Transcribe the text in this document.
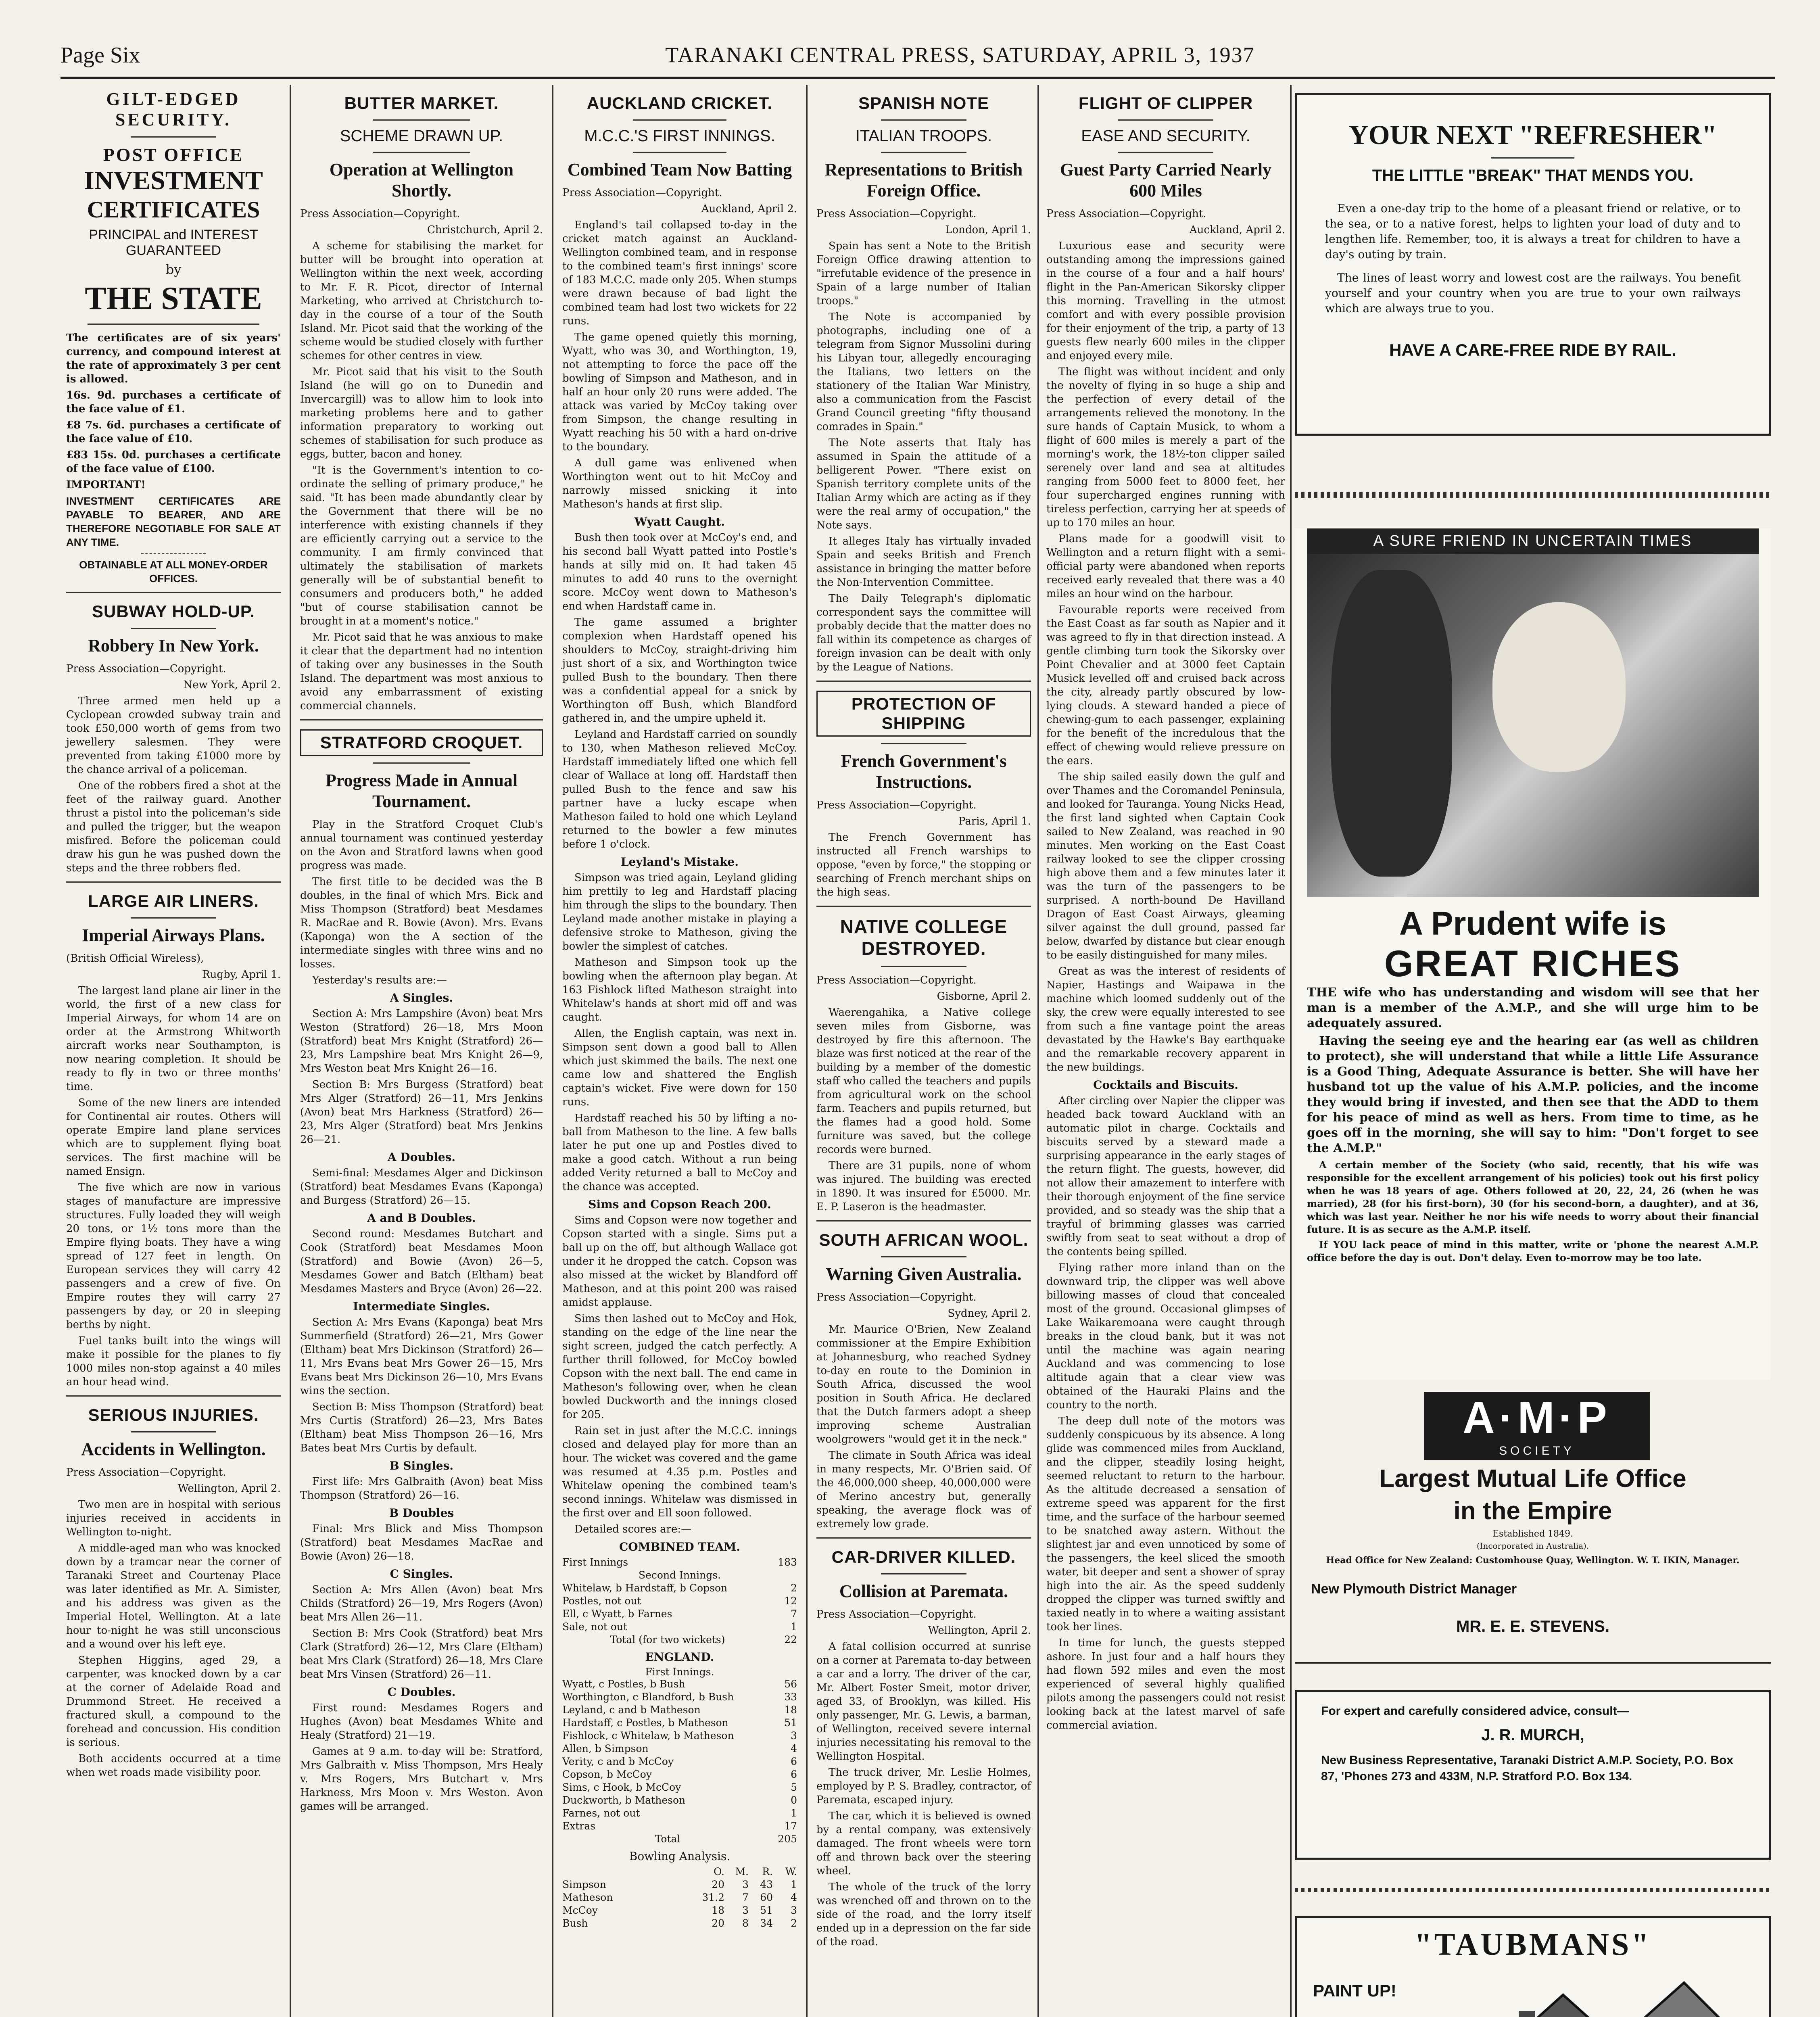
Page Six	TARANAKI CENTRAL PRESS, SATURDAY, APRIL 3, 1937
GILT-EDGED
SECURITY.
POST OFFICE
INVESTMENT
CERTIFICATES
PRINCIPAL and INTEREST GUARANTEED
by
THE STATE
The certificates are of six years' currency, and compound interest at the rate of approximately 3 per cent is allowed.
16s. 9d. purchases a certificate of the face value of £1.
£8 7s. 6d. purchases a certificate of the face value of £10.
£83 15s. 0d. purchases a certificate of the face value of £100.
IMPORTANT!
INVESTMENT CERTIFICATES ARE PAYABLE TO BEARER, AND ARE THEREFORE NEGOTIABLE FOR SALE AT ANY TIME.
OBTAINABLE AT ALL MONEY-ORDER OFFICES.
SUBWAY HOLD-UP.
Robbery In New York.
Press Association—Copyright.
New York, April 2.
Three armed men held up a Cyclopean crowded subway train and took £50,000 worth of gems from two jewellery salesmen. They were prevented from taking £1000 more by the chance arrival of a policeman.
One of the robbers fired a shot at the feet of the railway guard. Another thrust a pistol into the policeman's side and pulled the trigger, but the weapon misfired. Before the policeman could draw his gun he was pushed down the steps and the three robbers fled.
LARGE AIR LINERS.
Imperial Airways Plans.
(British Official Wireless),
Rugby, April 1.
The largest land plane air liner in the world, the first of a new class for Imperial Airways, for whom 14 are on order at the Armstrong Whitworth aircraft works near Southampton, is now nearing completion. It should be ready to fly in two or three months' time.
Some of the new liners are intended for Continental air routes. Others will operate Empire land plane services which are to supplement flying boat services. The first machine will be named Ensign.
The five which are now in various stages of manufacture are impressive structures. Fully loaded they will weigh 20 tons, or 1½ tons more than the Empire flying boats. They have a wing spread of 127 feet in length. On European services they will carry 42 passengers and a crew of five. On Empire routes they will carry 27 passengers by day, or 20 in sleeping berths by night.
Fuel tanks built into the wings will make it possible for the planes to fly 1000 miles non-stop against a 40 miles an hour head wind.
SERIOUS INJURIES.
Accidents in Wellington.
Press Association—Copyright.
Wellington, April 2.
Two men are in hospital with serious injuries received in accidents in Wellington to-night.
A middle-aged man who was knocked down by a tramcar near the corner of Taranaki Street and Courtenay Place was later identified as Mr. A. Simister, and his address was given as the Imperial Hotel, Wellington. At a late hour to-night he was still unconscious and a wound over his left eye.
Stephen Higgins, aged 29, a carpenter, was knocked down by a car at the corner of Adelaide Road and Drummond Street. He received a fractured skull, a compound to the forehead and concussion. His condition is serious.
Both accidents occurred at a time when wet roads made visibility poor.
BUTTER MARKET.
SCHEME DRAWN UP.
Operation at Wellington Shortly.
Press Association—Copyright.
Christchurch, April 2.
A scheme for stabilising the market for butter will be brought into operation at Wellington within the next week, according to Mr. F. R. Picot, director of Internal Marketing, who arrived at Christchurch to-day in the course of a tour of the South Island. Mr. Picot said that the working of the scheme would be studied closely with further schemes for other centres in view.
Mr. Picot said that his visit to the South Island (he will go on to Dunedin and Invercargill) was to allow him to look into marketing problems here and to gather information preparatory to working out schemes of stabilisation for such produce as eggs, butter, bacon and honey.
"It is the Government's intention to co-ordinate the selling of primary produce," he said. "It has been made abundantly clear by the Government that there will be no interference with existing channels if they are efficiently carrying out a service to the community. I am firmly convinced that ultimately the stabilisation of markets generally will be of substantial benefit to consumers and producers both," he added "but of course stabilisation cannot be brought in at a moment's notice."
Mr. Picot said that he was anxious to make it clear that the department had no intention of taking over any businesses in the South Island. The department was most anxious to avoid any embarrassment of existing commercial channels.
STRATFORD CROQUET.
Progress Made in Annual Tournament.
Play in the Stratford Croquet Club's annual tournament was continued yesterday on the Avon and Stratford lawns when good progress was made.
The first title to be decided was the B doubles, in the final of which Mrs. Bick and Miss Thompson (Stratford) beat Mesdames R. MacRae and R. Bowie (Avon). Mrs. Evans (Kaponga) won the A section of the intermediate singles with three wins and no losses.
Yesterday's results are:—
A Singles.
Section A: Mrs Lampshire (Avon) beat Mrs Weston (Stratford) 26—18, Mrs Moon (Stratford) beat Mrs Knight (Stratford) 26—23, Mrs Lampshire beat Mrs Knight 26—9, Mrs Weston beat Mrs Knight 26—16.
Section B: Mrs Burgess (Stratford) beat Mrs Alger (Stratford) 26—11, Mrs Jenkins (Avon) beat Mrs Harkness (Stratford) 26—23, Mrs Alger (Stratford) beat Mrs Jenkins 26—21.
A Doubles.
Semi-final: Mesdames Alger and Dickinson (Stratford) beat Mesdames Evans (Kaponga) and Burgess (Stratford) 26—15.
A and B Doubles.
Second round: Mesdames Butchart and Cook (Stratford) beat Mesdames Moon (Stratford) and Bowie (Avon) 26—5, Mesdames Gower and Batch (Eltham) beat Mesdames Masters and Bryce (Avon) 26—22.
Intermediate Singles.
Section A: Mrs Evans (Kaponga) beat Mrs Summerfield (Stratford) 26—21, Mrs Gower (Eltham) beat Mrs Dickinson (Stratford) 26—11, Mrs Evans beat Mrs Gower 26—15, Mrs Evans beat Mrs Dickinson 26—10, Mrs Evans wins the section.
Section B: Miss Thompson (Stratford) beat Mrs Curtis (Stratford) 26—23, Mrs Bates (Eltham) beat Miss Thompson 26—16, Mrs Bates beat Mrs Curtis by default.
B Singles.
First life: Mrs Galbraith (Avon) beat Miss Thompson (Stratford) 26—16.
B Doubles
Final: Mrs Blick and Miss Thompson (Stratford) beat Mesdames MacRae and Bowie (Avon) 26—18.
C Singles.
Section A: Mrs Allen (Avon) beat Mrs Childs (Stratford) 26—19, Mrs Rogers (Avon) beat Mrs Allen 26—11.
Section B: Mrs Cook (Stratford) beat Mrs Clark (Stratford) 26—12, Mrs Clare (Eltham) beat Mrs Clark (Stratford) 26—18, Mrs Clare beat Mrs Vinsen (Stratford) 26—11.
C Doubles.
First round: Mesdames Rogers and Hughes (Avon) beat Mesdames White and Healy (Stratford) 21—19.
Games at 9 a.m. to-day will be: Stratford, Mrs Galbraith v. Miss Thompson, Mrs Healy v. Mrs Rogers, Mrs Butchart v. Mrs Harkness, Mrs Moon v. Mrs Weston. Avon games will be arranged.
AUCKLAND CRICKET.
M.C.C.'S FIRST INNINGS.
Combined Team Now Batting
Press Association—Copyright.
Auckland, April 2.
England's tail collapsed to-day in the cricket match against an Auckland-Wellington combined team, and in response to the combined team's first innings' score of 183 M.C.C. made only 205. When stumps were drawn because of bad light the combined team had lost two wickets for 22 runs.
The game opened quietly this morning, Wyatt, who was 30, and Worthington, 19, not attempting to force the pace off the bowling of Simpson and Matheson, and in half an hour only 20 runs were added. The attack was varied by McCoy taking over from Simpson, the change resulting in Wyatt reaching his 50 with a hard on-drive to the boundary.
A dull game was enlivened when Worthington went out to hit McCoy and narrowly missed snicking it into Matheson's hands at first slip.
Wyatt Caught.
Bush then took over at McCoy's end, and his second ball Wyatt patted into Postle's hands at silly mid on. It had taken 45 minutes to add 40 runs to the overnight score. McCoy went down to Matheson's end when Hardstaff came in.
The game assumed a brighter complexion when Hardstaff opened his shoulders to McCoy, straight-driving him just short of a six, and Worthington twice pulled Bush to the boundary. Then there was a confidential appeal for a snick by Worthington off Bush, which Blandford gathered in, and the umpire upheld it.
Leyland and Hardstaff carried on soundly to 130, when Matheson relieved McCoy. Hardstaff immediately lifted one which fell clear of Wallace at long off. Hardstaff then pulled Bush to the fence and saw his partner have a lucky escape when Matheson failed to hold one which Leyland returned to the bowler a few minutes before 1 o'clock.
Leyland's Mistake.
Simpson was tried again, Leyland gliding him prettily to leg and Hardstaff placing him through the slips to the boundary. Then Leyland made another mistake in playing a defensive stroke to Matheson, giving the bowler the simplest of catches.
Matheson and Simpson took up the bowling when the afternoon play began. At 163 Fishlock lifted Matheson straight into Whitelaw's hands at short mid off and was caught.
Allen, the English captain, was next in. Simpson sent down a good ball to Allen which just skimmed the bails. The next one came low and shattered the English captain's wicket. Five were down for 150 runs.
Hardstaff reached his 50 by lifting a no-ball from Matheson to the line. A few balls later he put one up and Postles dived to make a good catch. Without a run being added Verity returned a ball to McCoy and the chance was accepted.
Sims and Copson Reach 200.
Sims and Copson were now together and Copson started with a single. Sims put a ball up on the off, but although Wallace got under it he dropped the catch. Copson was also missed at the wicket by Blandford off Matheson, and at this point 200 was raised amidst applause.
Sims then lashed out to McCoy and Hok, standing on the edge of the line near the sight screen, judged the catch perfectly. A further thrill followed, for McCoy bowled Copson with the next ball. The end came in Matheson's following over, when he clean bowled Duckworth and the innings closed for 205.
Rain set in just after the M.C.C. innings closed and delayed play for more than an hour. The wicket was covered and the game was resumed at 4.35 p.m. Postles and Whitelaw opening the combined team's second innings. Whitelaw was dismissed in the first over and Ell soon followed.
Detailed scores are:—
COMBINED TEAM.
First Innings	183
Second Innings.	
Whitelaw, b Hardstaff, b Copson	2
Postles, not out	12
Ell, c Wyatt, b Farnes	7
Sale, not out	1
Total (for two wickets)	22
ENGLAND.
First Innings.
Wyatt, c Postles, b Bush	56
Worthington, c Blandford, b Bush	33
Leyland, c and b Matheson	18
Hardstaff, c Postles, b Matheson	51
Fishlock, c Whitelaw, b Matheson	3
Allen, b Simpson	4
Verity, c and b McCoy	6
Copson, b McCoy	6
Sims, c Hook, b McCoy	5
Duckworth, b Matheson	0
Farnes, not out	1
Extras	17
Total	205
Bowling Analysis.
	O.	M.	R.	W.
Simpson	20	3	43	1
Matheson	31.2	7	60	4
McCoy	18	3	51	3
Bush	20	8	34	2
SPANISH NOTE
ITALIAN TROOPS.
Representations to British Foreign Office.
Press Association—Copyright.
London, April 1.
Spain has sent a Note to the British Foreign Office drawing attention to "irrefutable evidence of the presence in Spain of a large number of Italian troops."
The Note is accompanied by photographs, including one of a telegram from Signor Mussolini during his Libyan tour, allegedly encouraging the Italians, two letters on the stationery of the Italian War Ministry, also a communication from the Fascist Grand Council greeting "fifty thousand comrades in Spain."
The Note asserts that Italy has assumed in Spain the attitude of a belligerent Power. "There exist on Spanish territory complete units of the Italian Army which are acting as if they were the real army of occupation," the Note says.
It alleges Italy has virtually invaded Spain and seeks British and French assistance in bringing the matter before the Non-Intervention Committee.
The Daily Telegraph's diplomatic correspondent says the committee will probably decide that the matter does no fall within its competence as charges of foreign invasion can be dealt with only by the League of Nations.
PROTECTION OF SHIPPING
French Government's Instructions.
Press Association—Copyright.
Paris, April 1.
The French Government has instructed all French warships to oppose, "even by force," the stopping or searching of French merchant ships on the high seas.
NATIVE COLLEGE DESTROYED.
Press Association—Copyright.
Gisborne, April 2.
Waerengahika, a Native college seven miles from Gisborne, was destroyed by fire this afternoon. The blaze was first noticed at the rear of the building by a member of the domestic staff who called the teachers and pupils from agricultural work on the school farm. Teachers and pupils returned, but the flames had a good hold. Some furniture was saved, but the college records were burned.
There are 31 pupils, none of whom was injured. The building was erected in 1890. It was insured for £5000. Mr. E. P. Laseron is the headmaster.
SOUTH AFRICAN WOOL.
Warning Given Australia.
Press Association—Copyright.
Sydney, April 2.
Mr. Maurice O'Brien, New Zealand commissioner at the Empire Exhibition at Johannesburg, who reached Sydney to-day en route to the Dominion in South Africa, discussed the wool position in South Africa. He declared that the Dutch farmers adopt a sheep improving scheme Australian woolgrowers "would get it in the neck."
The climate in South Africa was ideal in many respects, Mr. O'Brien said. Of the 46,000,000 sheep, 40,000,000 were of Merino ancestry but, generally speaking, the average flock was of extremely low grade.
CAR-DRIVER KILLED.
Collision at Paremata.
Press Association—Copyright.
Wellington, April 2.
A fatal collision occurred at sunrise on a corner at Paremata to-day between a car and a lorry. The driver of the car, Mr. Albert Foster Smeit, motor driver, aged 33, of Brooklyn, was killed. His only passenger, Mr. G. Lewis, a barman, of Wellington, received severe internal injuries necessitating his removal to the Wellington Hospital.
The truck driver, Mr. Leslie Holmes, employed by P. S. Bradley, contractor, of Paremata, escaped injury.
The car, which it is believed is owned by a rental company, was extensively damaged. The front wheels were torn off and thrown back over the steering wheel.
The whole of the truck of the lorry was wrenched off and thrown on to the side of the road, and the lorry itself ended up in a depression on the far side of the road.
FLIGHT OF CLIPPER
EASE AND SECURITY.
Guest Party Carried Nearly 600 Miles
Press Association—Copyright.
Auckland, April 2.
Luxurious ease and security were outstanding among the impressions gained in the course of a four and a half hours' flight in the Pan-American Sikorsky clipper this morning. Travelling in the utmost comfort and with every possible provision for their enjoyment of the trip, a party of 13 guests flew nearly 600 miles in the clipper and enjoyed every mile.
The flight was without incident and only the novelty of flying in so huge a ship and the perfection of every detail of the arrangements relieved the monotony. In the sure hands of Captain Musick, to whom a flight of 600 miles is merely a part of the morning's work, the 18½-ton clipper sailed serenely over land and sea at altitudes ranging from 5000 feet to 8000 feet, her four supercharged engines running with tireless perfection, carrying her at speeds of up to 170 miles an hour.
Plans made for a goodwill visit to Wellington and a return flight with a semi-official party were abandoned when reports received early revealed that there was a 40 miles an hour wind on the harbour.
Favourable reports were received from the East Coast as far south as Napier and it was agreed to fly in that direction instead. A gentle climbing turn took the Sikorsky over Point Chevalier and at 3000 feet Captain Musick levelled off and cruised back across the city, already partly obscured by low-lying clouds. A steward handed a piece of chewing-gum to each passenger, explaining for the benefit of the incredulous that the effect of chewing would relieve pressure on the ears.
The ship sailed easily down the gulf and over Thames and the Coromandel Peninsula, and looked for Tauranga. Young Nicks Head, the first land sighted when Captain Cook sailed to New Zealand, was reached in 90 minutes. Men working on the East Coast railway looked to see the clipper crossing high above them and a few minutes later it was the turn of the passengers to be surprised. A north-bound De Havilland Dragon of East Coast Airways, gleaming silver against the dull ground, passed far below, dwarfed by distance but clear enough to be easily distinguished for many miles.
Great as was the interest of residents of Napier, Hastings and Waipawa in the machine which loomed suddenly out of the sky, the crew were equally interested to see from such a fine vantage point the areas devastated by the Hawke's Bay earthquake and the remarkable recovery apparent in the new buildings.
Cocktails and Biscuits.
After circling over Napier the clipper was headed back toward Auckland with an automatic pilot in charge. Cocktails and biscuits served by a steward made a surprising appearance in the early stages of the return flight. The guests, however, did not allow their amazement to interfere with their thorough enjoyment of the fine service provided, and so steady was the ship that a trayful of brimming glasses was carried swiftly from seat to seat without a drop of the contents being spilled.
Flying rather more inland than on the downward trip, the clipper was well above billowing masses of cloud that concealed most of the ground. Occasional glimpses of Lake Waikaremoana were caught through breaks in the cloud bank, but it was not until the machine was again nearing Auckland and was commencing to lose altitude again that a clear view was obtained of the Hauraki Plains and the country to the north.
The deep dull note of the motors was suddenly conspicuous by its absence. A long glide was commenced miles from Auckland, and the clipper, steadily losing height, seemed reluctant to return to the harbour. As the altitude decreased a sensation of extreme speed was apparent for the first time, and the surface of the harbour seemed to be snatched away astern. Without the slightest jar and even unnoticed by some of the passengers, the keel sliced the smooth water, bit deeper and sent a shower of spray high into the air. As the speed suddenly dropped the clipper was turned swiftly and taxied neatly in to where a waiting assistant took her lines.
In time for lunch, the guests stepped ashore. In just four and a half hours they had flown 592 miles and even the most experienced of several highly qualified pilots among the passengers could not resist looking back at the latest marvel of safe commercial aviation.
YOUR NEXT "REFRESHER"
THE LITTLE "BREAK" THAT MENDS YOU.
Even a one-day trip to the home of a pleasant friend or relative, or to the sea, or to a native forest, helps to lighten your load of duty and to lengthen life. Remember, too, it is always a treat for children to have a day's outing by train.
The lines of least worry and lowest cost are the railways. You benefit yourself and your country when you are true to your own railways which are always true to you.
HAVE A CARE-FREE RIDE BY RAIL.
A SURE FRIEND IN UNCERTAIN TIMES
A Prudent wife is
GREAT RICHES
THE wife who has understanding and wisdom will see that her man is a member of the A.M.P., and she will urge him to be adequately assured.
Having the seeing eye and the hearing ear (as well as children to protect), she will understand that while a little Life Assurance is a Good Thing, Adequate Assurance is better. She will have her husband tot up the value of his A.M.P. policies, and the income they would bring if invested, and then see that the ADD to them for his peace of mind as well as hers. From time to time, as he goes off in the morning, she will say to him: "Don't forget to see the A.M.P."
A certain member of the Society (who said, recently, that his wife was responsible for the excellent arrangement of his policies) took out his first policy when he was 18 years of age. Others followed at 20, 22, 24, 26 (when he was married), 28 (for his first-born), 30 (for his second-born, a daughter), and at 36, which was last year. Neither he nor his wife needs to worry about their financial future. It is as secure as the A.M.P. itself.
If YOU lack peace of mind in this matter, write or 'phone the nearest A.M.P. office before the day is out. Don't delay. Even to-morrow may be too late.
A·M·P
SOCIETY
Largest Mutual Life Office
in the Empire
Established 1849.
(Incorporated in Australia).
Head Office for New Zealand: Customhouse Quay, Wellington. W. T. IKIN, Manager.
New Plymouth District Manager
MR. E. E. STEVENS.
For expert and carefully considered advice, consult—
J. R. MURCH,
New Business Representative, Taranaki District A.M.P. Society, P.O. Box 87, 'Phones 273 and 433M, N.P. Stratford P.O. Box 134.
"TAUBMANS"
PAINT UP!
